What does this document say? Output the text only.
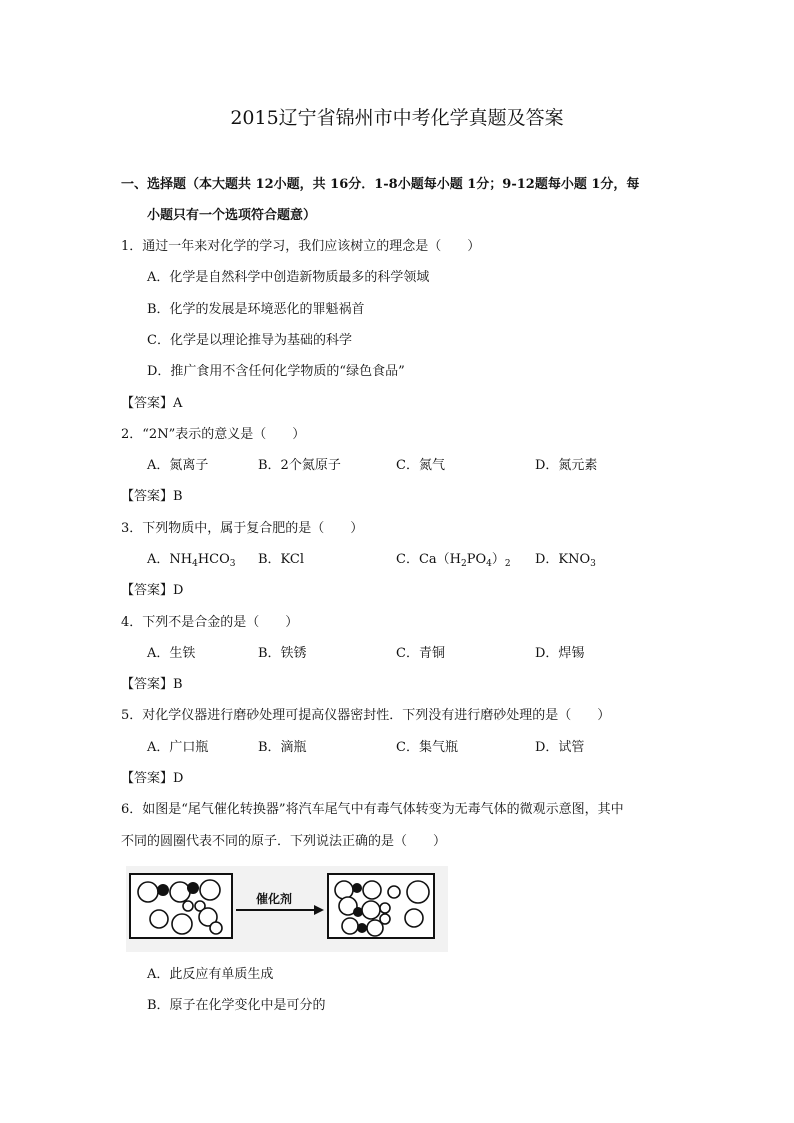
2015辽宁省锦州市中考化学真题及答案
一、选择题（本大题共 12小题，共 16分．1-8小题每小题 1分；9-12题每小题 1分，每
小题只有一个选项符合题意）
1．通过一年来对化学的学习，我们应该树立的理念是（　　）
A．化学是自然科学中创造新物质最多的科学领域
B．化学的发展是环境恶化的罪魁祸首
C．化学是以理论推导为基础的科学
D．推广食用不含任何化学物质的“绿色食品”
【答案】A
2．“2N”表示的意义是（　　）
A．氮离子	B．2个氮原子	C．氮气	D．氮元素
【答案】B
3．下列物质中，属于复合肥的是（　　）
A．$NH_4HCO_3$ B．KCl	C．$Ca(H_2PO_4)_2$ D．$KNO_3$
【答案】D
4．下列不是合金的是（　　）
A．生铁	B．铁锈	C．青铜	D．焊锡
【答案】B
5．对化学仪器进行磨砂处理可提高仪器密封性．下列没有进行磨砂处理的是（　　）
A．广口瓶	B．滴瓶	C．集气瓶	D．试管
【答案】D
6．如图是“尾气催化转换器”将汽车尾气中有毒气体转变为无毒气体的微观示意图，其中
不同的圆圈代表不同的原子．下列说法正确的是（　　）
催化剂
A．此反应有单质生成
B．原子在化学变化中是可分的
